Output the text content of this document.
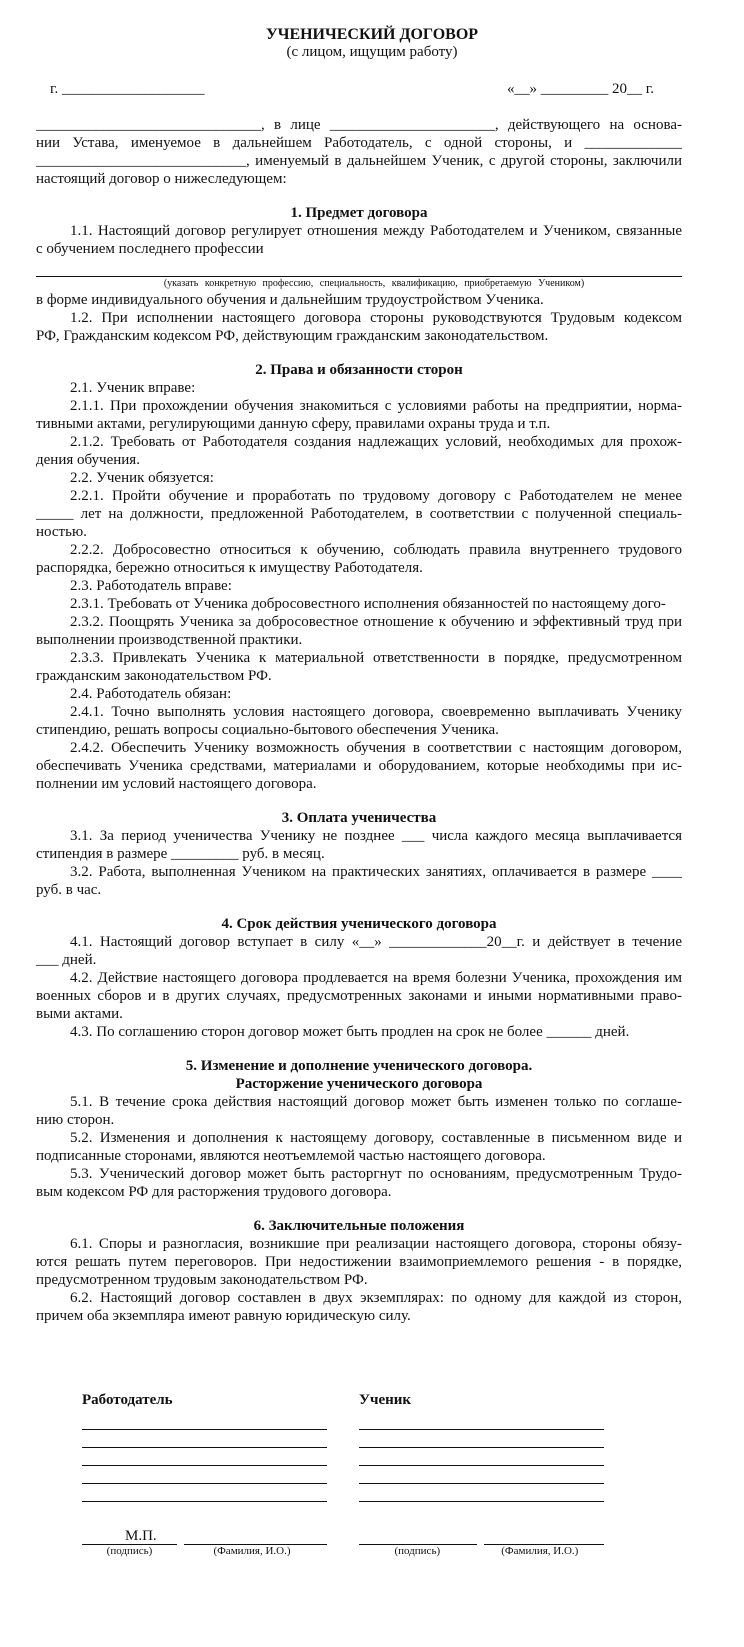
УЧЕНИЧЕСКИЙ ДОГОВОР
(с лицом, ищущим работу)
г. ___________________	«__» _________ 20__ г.
______________________________, в лице ______________________, действующего на основа-
нии Устава, именуемое в дальнейшем Работодатель, с одной стороны, и _____________
____________________________, именуемый в дальнейшем Ученик, с другой стороны, заключили
настоящий договор о нижеследующем:
1. Предмет договора
1.1. Настоящий договор регулирует отношения между Работодателем и Учеником, связанные
с обучением последнего профессии
(указать конкретную профессию, специальность, квалификацию, приобретаемую Учеником)
в форме индивидуального обучения и дальнейшим трудоустройством Ученика.
1.2. При исполнении настоящего договора стороны руководствуются Трудовым кодексом
РФ, Гражданским кодексом РФ, действующим гражданским законодательством.
2. Права и обязанности сторон
2.1. Ученик вправе:
2.1.1. При прохождении обучения знакомиться с условиями работы на предприятии, норма-
тивными актами, регулирующими данную сферу, правилами охраны труда и т.п.
2.1.2. Требовать от Работодателя создания надлежащих условий, необходимых для прохож-
дения обучения.
2.2. Ученик обязуется:
2.2.1. Пройти обучение и проработать по трудовому договору с Работодателем не менее
_____ лет на должности, предложенной Работодателем, в соответствии с полученной специаль-
ностью.
2.2.2. Добросовестно относиться к обучению, соблюдать правила внутреннего трудового
распорядка, бережно относиться к имуществу Работодателя.
2.3. Работодатель вправе:
2.3.1. Требовать от Ученика добросовестного исполнения обязанностей по настоящему дого-
2.3.2. Поощрять Ученика за добросовестное отношение к обучению и эффективный труд при
выполнении производственной практики.
2.3.3. Привлекать Ученика к материальной ответственности в порядке, предусмотренном
гражданским законодательством РФ.
2.4. Работодатель обязан:
2.4.1. Точно выполнять условия настоящего договора, своевременно выплачивать Ученику
стипендию, решать вопросы социально-бытового обеспечения Ученика.
2.4.2. Обеспечить Ученику возможность обучения в соответствии с настоящим договором,
обеспечивать Ученика средствами, материалами и оборудованием, которые необходимы при ис-
полнении им условий настоящего договора.
3. Оплата ученичества
3.1. За период ученичества Ученику не позднее ___ числа каждого месяца выплачивается
стипендия в размере _________ руб. в месяц.
3.2. Работа, выполненная Учеником на практических занятиях, оплачивается в размере ____
руб. в час.
4. Срок действия ученического договора
4.1. Настоящий договор вступает в силу «__» _____________20__г. и действует в течение
___ дней.
4.2. Действие настоящего договора продлевается на время болезни Ученика, прохождения им
военных сборов и в других случаях, предусмотренных законами и иными нормативными право-
выми актами.
4.3. По соглашению сторон договор может быть продлен на срок не более ______ дней.
5. Изменение и дополнение ученического договора.
Расторжение ученического договора
5.1. В течение срока действия настоящий договор может быть изменен только по соглаше-
нию сторон.
5.2. Изменения и дополнения к настоящему договору, составленные в письменном виде и
подписанные сторонами, являются неотъемлемой частью настоящего договора.
5.3. Ученический договор может быть расторгнут по основаниям, предусмотренным Трудо-
вым кодексом РФ для расторжения трудового договора.
6. Заключительные положения
6.1. Споры и разногласия, возникшие при реализации настоящего договора, стороны обязу-
ются решать путем переговоров. При недостижении взаимоприемлемого решения - в порядке,
предусмотренном трудовым законодательством РФ.
6.2. Настоящий договор составлен в двух экземплярах: по одному для каждой из сторон,
причем оба экземпляра имеют равную юридическую силу.
Работодатель
(подпись)	(Фамилия, И.О.)
Ученик
(подпись)	(Фамилия, И.О.)
М.П.
